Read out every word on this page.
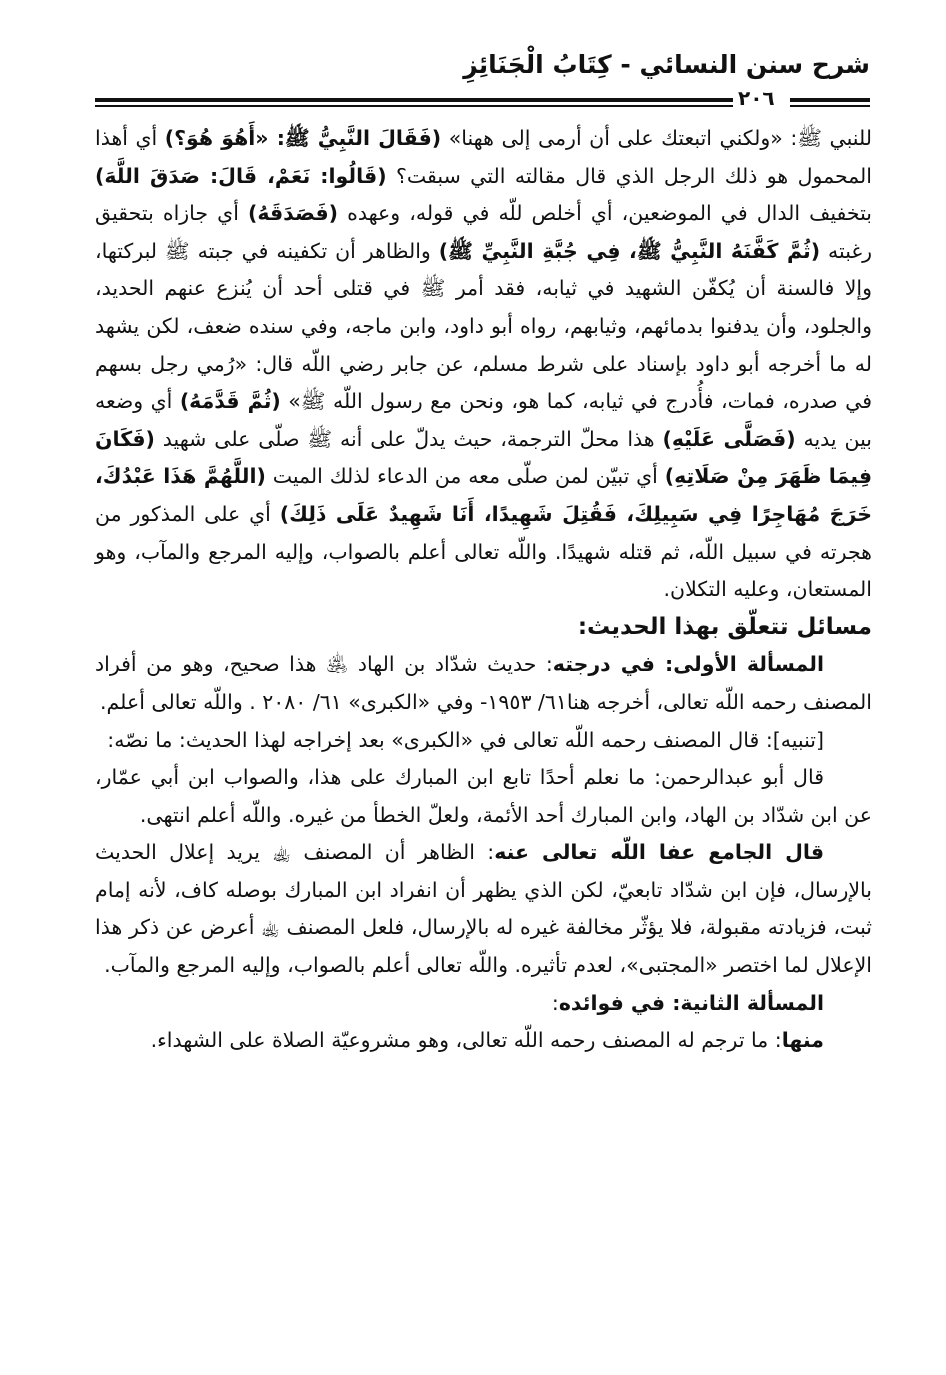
شرح سنن النسائي - كِتَابُ الْجَنَائِزِ
٢٠٦

للنبي ﷺ: «ولكني اتبعتك على أن أرمى إلى ههنا» (فَقَالَ النَّبِيُّ ﷺ: «أَهُوَ هُوَ؟) أي أهذا المحمول هو ذلك الرجل الذي قال مقالته التي سبقت؟ (قَالُوا: نَعَمْ، قَالَ: صَدَقَ اللَّهَ) بتخفيف الدال في الموضعين، أي أخلص للّه في قوله، وعهده (فَصَدَقَهُ) أي جازاه بتحقيق رغبته (ثُمَّ كَفَّنَهُ النَّبِيُّ ﷺ، فِي جُبَّةِ النَّبِيِّ ﷺ) والظاهر أن تكفينه في جبته ﷺ لبركتها، وإلا فالسنة أن يُكفّن الشهيد في ثيابه، فقد أمر ﷺ في قتلى أحد أن يُنزع عنهم الحديد، والجلود، وأن يدفنوا بدمائهم، وثيابهم، رواه أبو داود، وابن ماجه، وفي سنده ضعف، لكن يشهد له ما أخرجه أبو داود بإسناد على شرط مسلم، عن جابر رضي اللّه قال: «رُمي رجل بسهم في صدره، فمات، فأُدرج في ثيابه، كما هو، ونحن مع رسول اللّه ﷺ» (ثُمَّ قَدَّمَهُ) أي وضعه بين يديه (فَصَلَّى عَلَيْهِ) هذا محلّ الترجمة، حيث يدلّ على أنه ﷺ صلّى على شهيد (فَكَانَ فِيمَا ظَهَرَ مِنْ صَلَاتِهِ) أي تبيّن لمن صلّى معه من الدعاء لذلك الميت (اللَّهُمَّ هَذَا عَبْدُكَ، خَرَجَ مُهَاجِرًا فِي سَبِيلِكَ، فَقُتِلَ شَهِيدًا، أَنَا شَهِيدٌ عَلَى ذَلِكَ) أي على المذكور من هجرته في سبيل اللّه، ثم قتله شهيدًا. واللّه تعالى أعلم بالصواب، وإليه المرجع والمآب، وهو المستعان، وعليه التكلان.

مسائل تتعلّق بهذا الحديث:

المسألة الأولى: في درجته: حديث شدّاد بن الهاد ﵁ هذا صحيح، وهو من أفراد المصنف رحمه اللّه تعالى، أخرجه هنا٦١/ ١٩٥٣- وفي «الكبرى» ٦١/ ٢٠٨٠ . واللّه تعالى أعلم.

[تنبيه]: قال المصنف رحمه اللّه تعالى في «الكبرى» بعد إخراجه لهذا الحديث: ما نصّه:

قال أبو عبدالرحمن: ما نعلم أحدًا تابع ابن المبارك على هذا، والصواب ابن أبي عمّار، عن ابن شدّاد بن الهاد، وابن المبارك أحد الأئمة، ولعلّ الخطأ من غيره. واللّه أعلم انتهى.

قال الجامع عفا اللّه تعالى عنه: الظاهر أن المصنف ﵀ يريد إعلال الحديث بالإرسال، فإن ابن شدّاد تابعيّ، لكن الذي يظهر أن انفراد ابن المبارك بوصله كاف، لأنه إمام ثبت، فزيادته مقبولة، فلا يؤثّر مخالفة غيره له بالإرسال، فلعل المصنف ﵀ أعرض عن ذكر هذا الإعلال لما اختصر «المجتبى»، لعدم تأثيره. واللّه تعالى أعلم بالصواب، وإليه المرجع والمآب.

المسألة الثانية: في فوائده:

منها: ما ترجم له المصنف رحمه اللّه تعالى، وهو مشروعيّة الصلاة على الشهداء.
